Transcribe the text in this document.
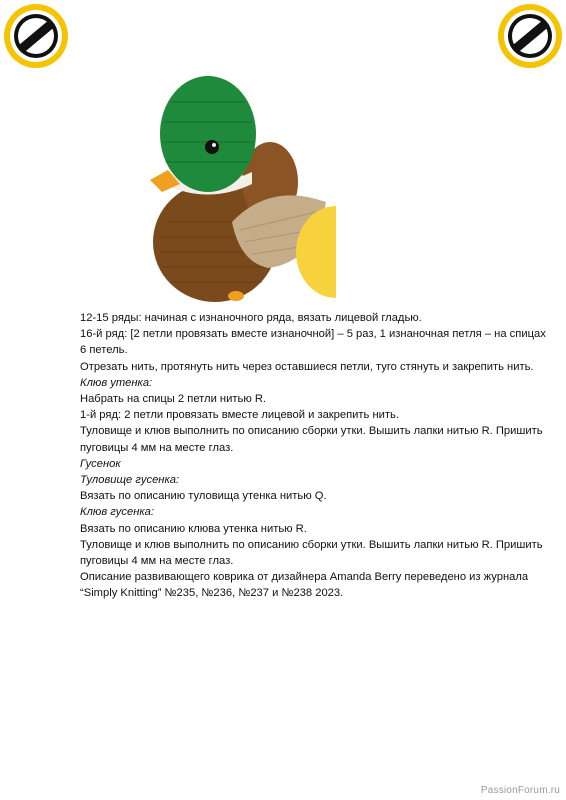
12-15 ряды: начиная с изнаночного ряда, вязать лицевой гладью.

16-й ряд: [2 петли провязать вместе изнаночной] – 5 раз, 1 изнаночная петля – на спицах 6 петель.

Отрезать нить, протянуть нить через оставшиеся петли, туго стянуть и закрепить нить.

Клюв утенка:

Набрать на спицы 2 петли нитью R.

1-й ряд: 2 петли провязать вместе лицевой и закрепить нить.

Туловище и клюв выполнить по описанию сборки утки. Вышить лапки нитью R. Пришить пуговицы 4 мм на месте глаз.

Гусенок

Туловище гусенка:

Вязать по описанию туловища утенка нитью Q.

Клюв гусенка:

Вязать по описанию клюва утенка нитью R.

Туловище и клюв выполнить по описанию сборки утки. Вышить лапки нитью R. Пришить пуговицы 4 мм на месте глаз.

Описание развивающего коврика от дизайнера Amanda Berry переведено из журнала “Simply Knitting” №235, №236, №237 и №238 2023.

PassionForum.ru
